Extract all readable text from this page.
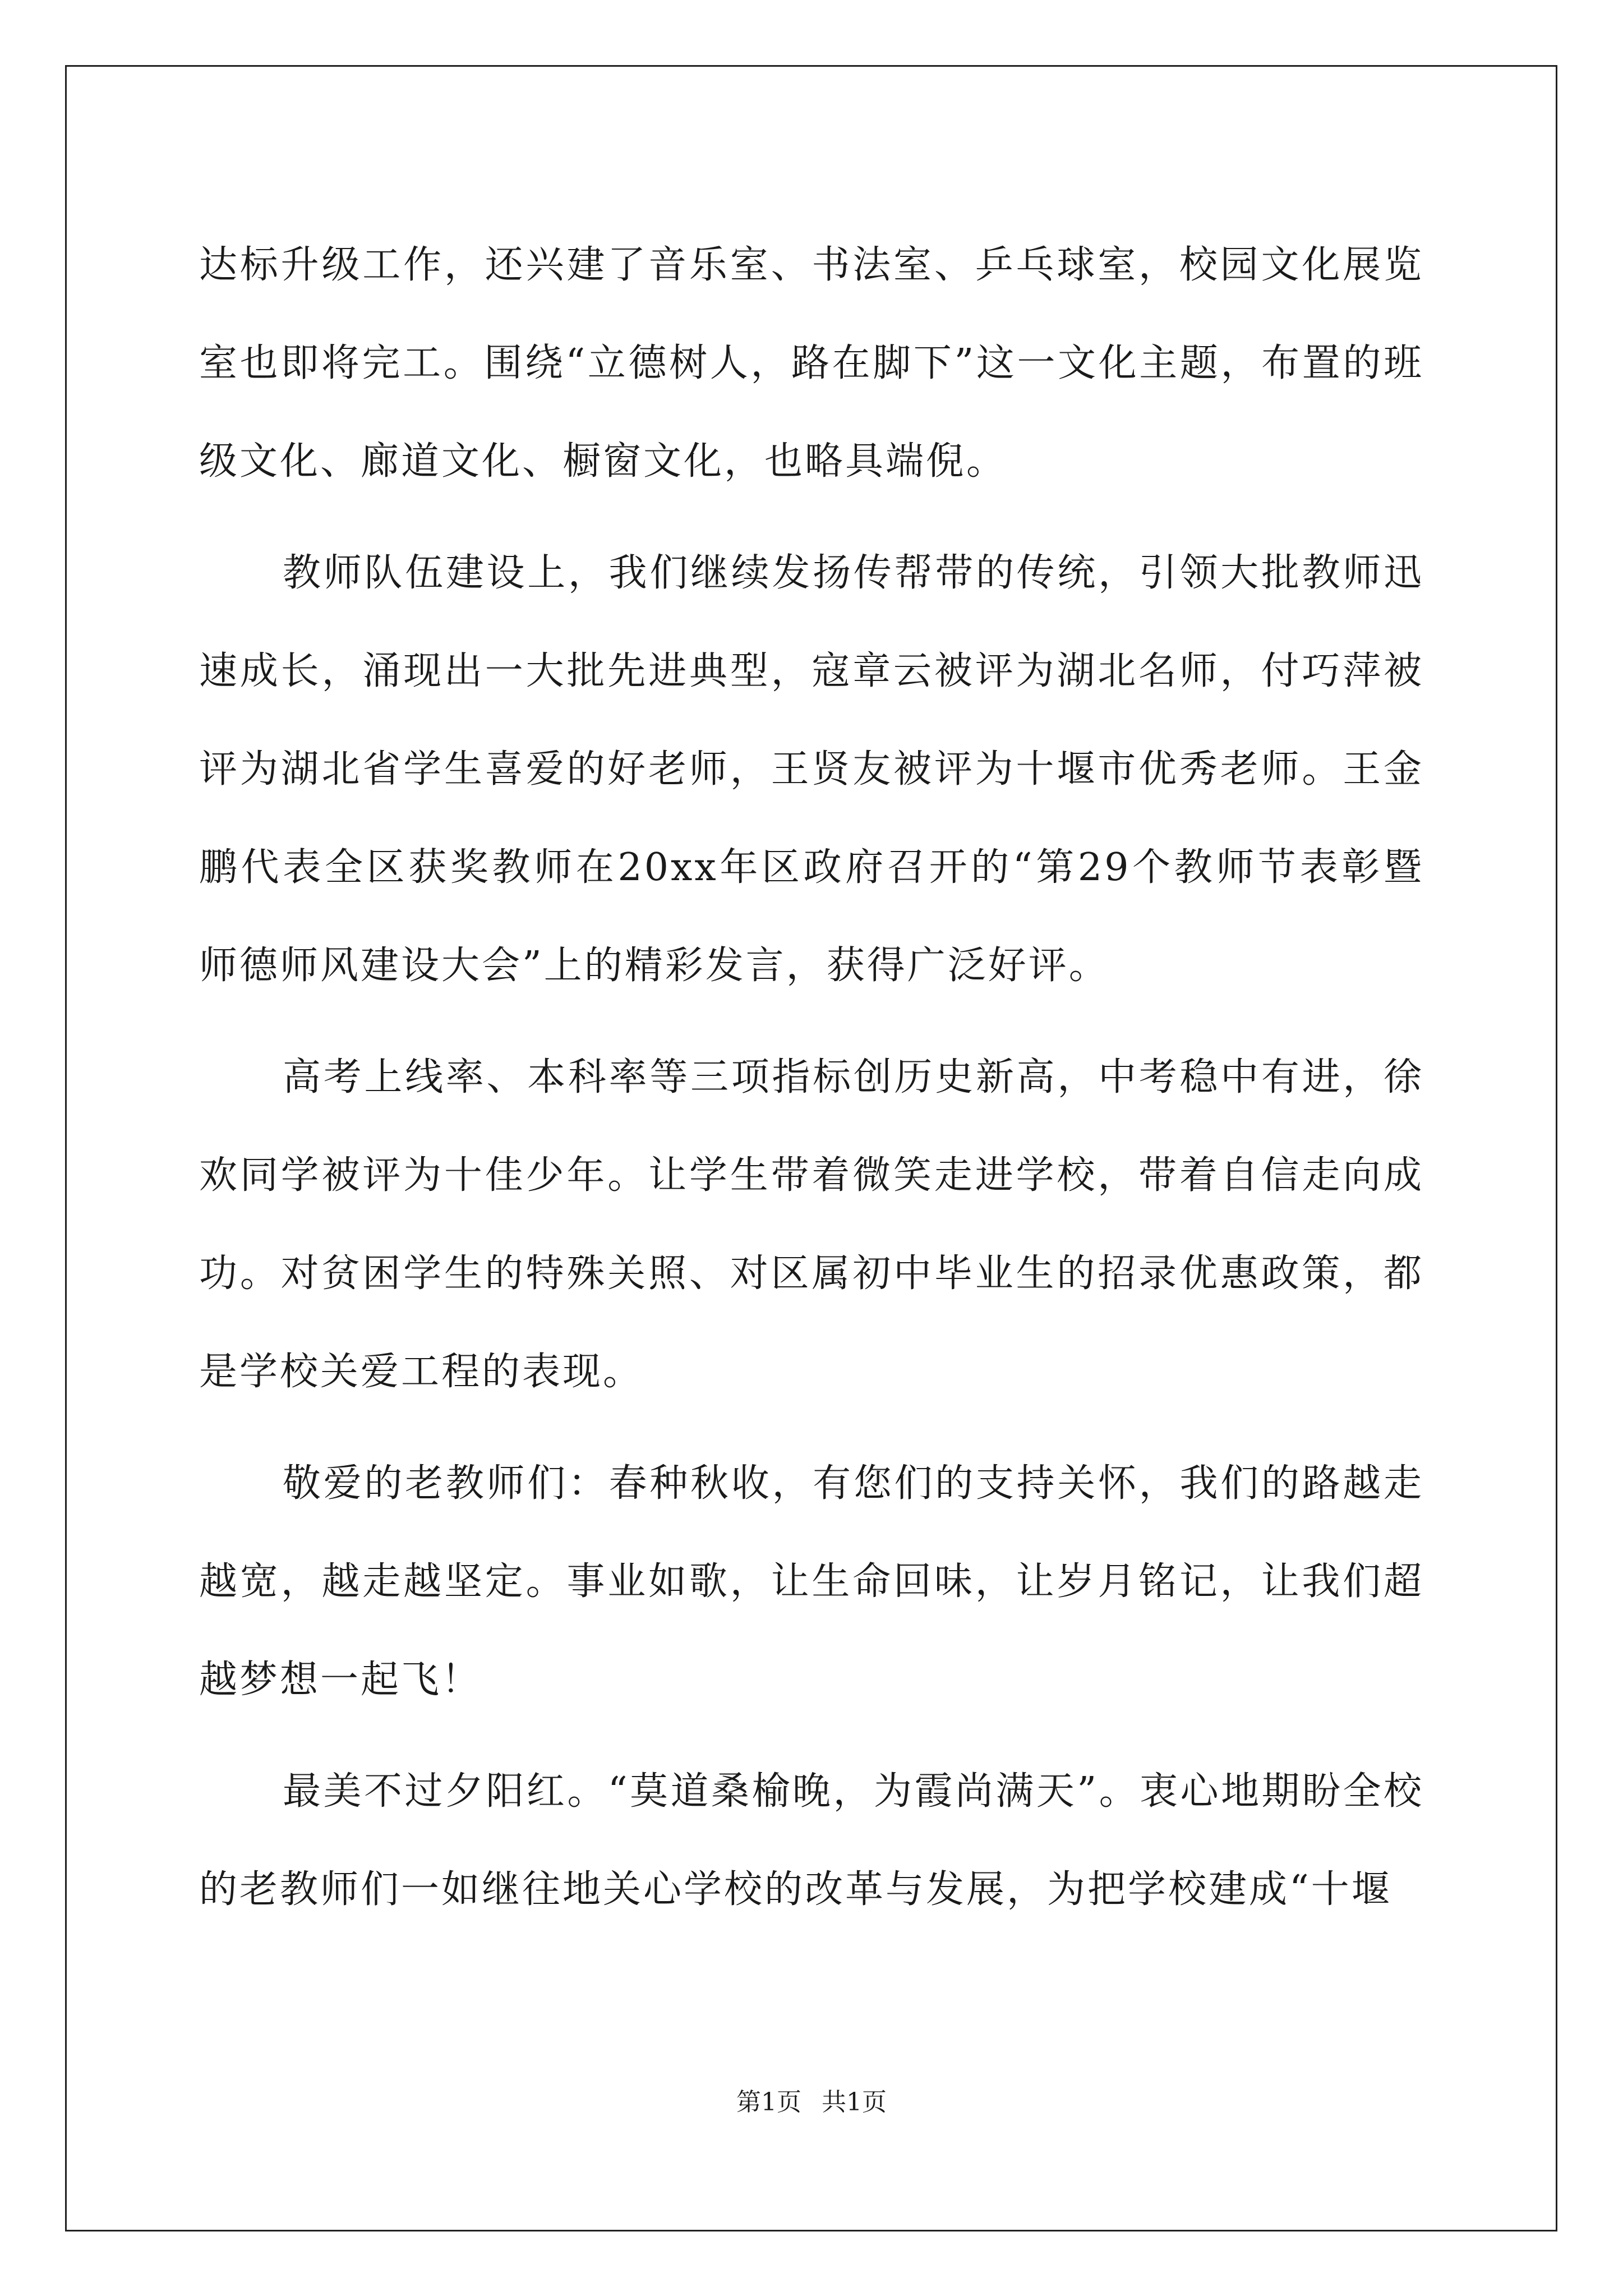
达标升级工作，还兴建了音乐室、书法室、乒乓球室，校园文化展览室也即将完工。围绕“立德树人，路在脚下”这一文化主题，布置的班级文化、廊道文化、橱窗文化，也略具端倪。

教师队伍建设上，我们继续发扬传帮带的传统，引领大批教师迅速成长，涌现出一大批先进典型，寇章云被评为湖北名师，付巧萍被评为湖北省学生喜爱的好老师，王贤友被评为十堰市优秀老师。王金鹏代表全区获奖教师在20xx年区政府召开的“第29个教师节表彰暨师德师风建设大会”上的精彩发言，获得广泛好评。

高考上线率、本科率等三项指标创历史新高，中考稳中有进，徐欢同学被评为十佳少年。让学生带着微笑走进学校，带着自信走向成功。对贫困学生的特殊关照、对区属初中毕业生的招录优惠政策，都是学校关爱工程的表现。

敬爱的老教师们：春种秋收，有您们的支持关怀，我们的路越走越宽，越走越坚定。事业如歌，让生命回味，让岁月铭记，让我们超越梦想一起飞！

最美不过夕阳红。“莫道桑榆晚，为霞尚满天”。衷心地期盼全校的老教师们一如继往地关心学校的改革与发展，为把学校建成“十堰

第1页 共1页
